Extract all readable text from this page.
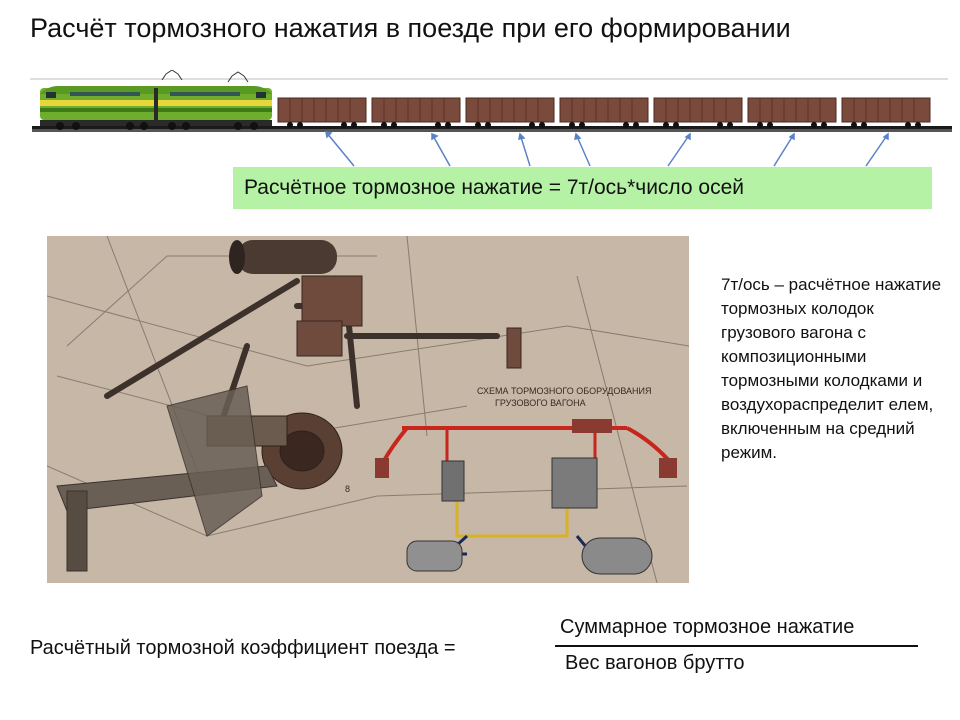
Расчёт тормозного нажатия в поезде при его формировании
Расчётное тормозное нажатие = 7т/ось*число осей
СХЕМА ТОРМОЗНОГО ОБОРУДОВАНИЯ
ГРУЗОВОГО ВАГОНА
8
7т/ось – расчётное нажатие тормозных колодок грузового вагона с композиционными тормозными колодками и воздухораспределит елем, включенным на средний режим.
Расчётный тормозной коэффициент поезда =
Суммарное тормозное нажатие
Вес вагонов брутто
